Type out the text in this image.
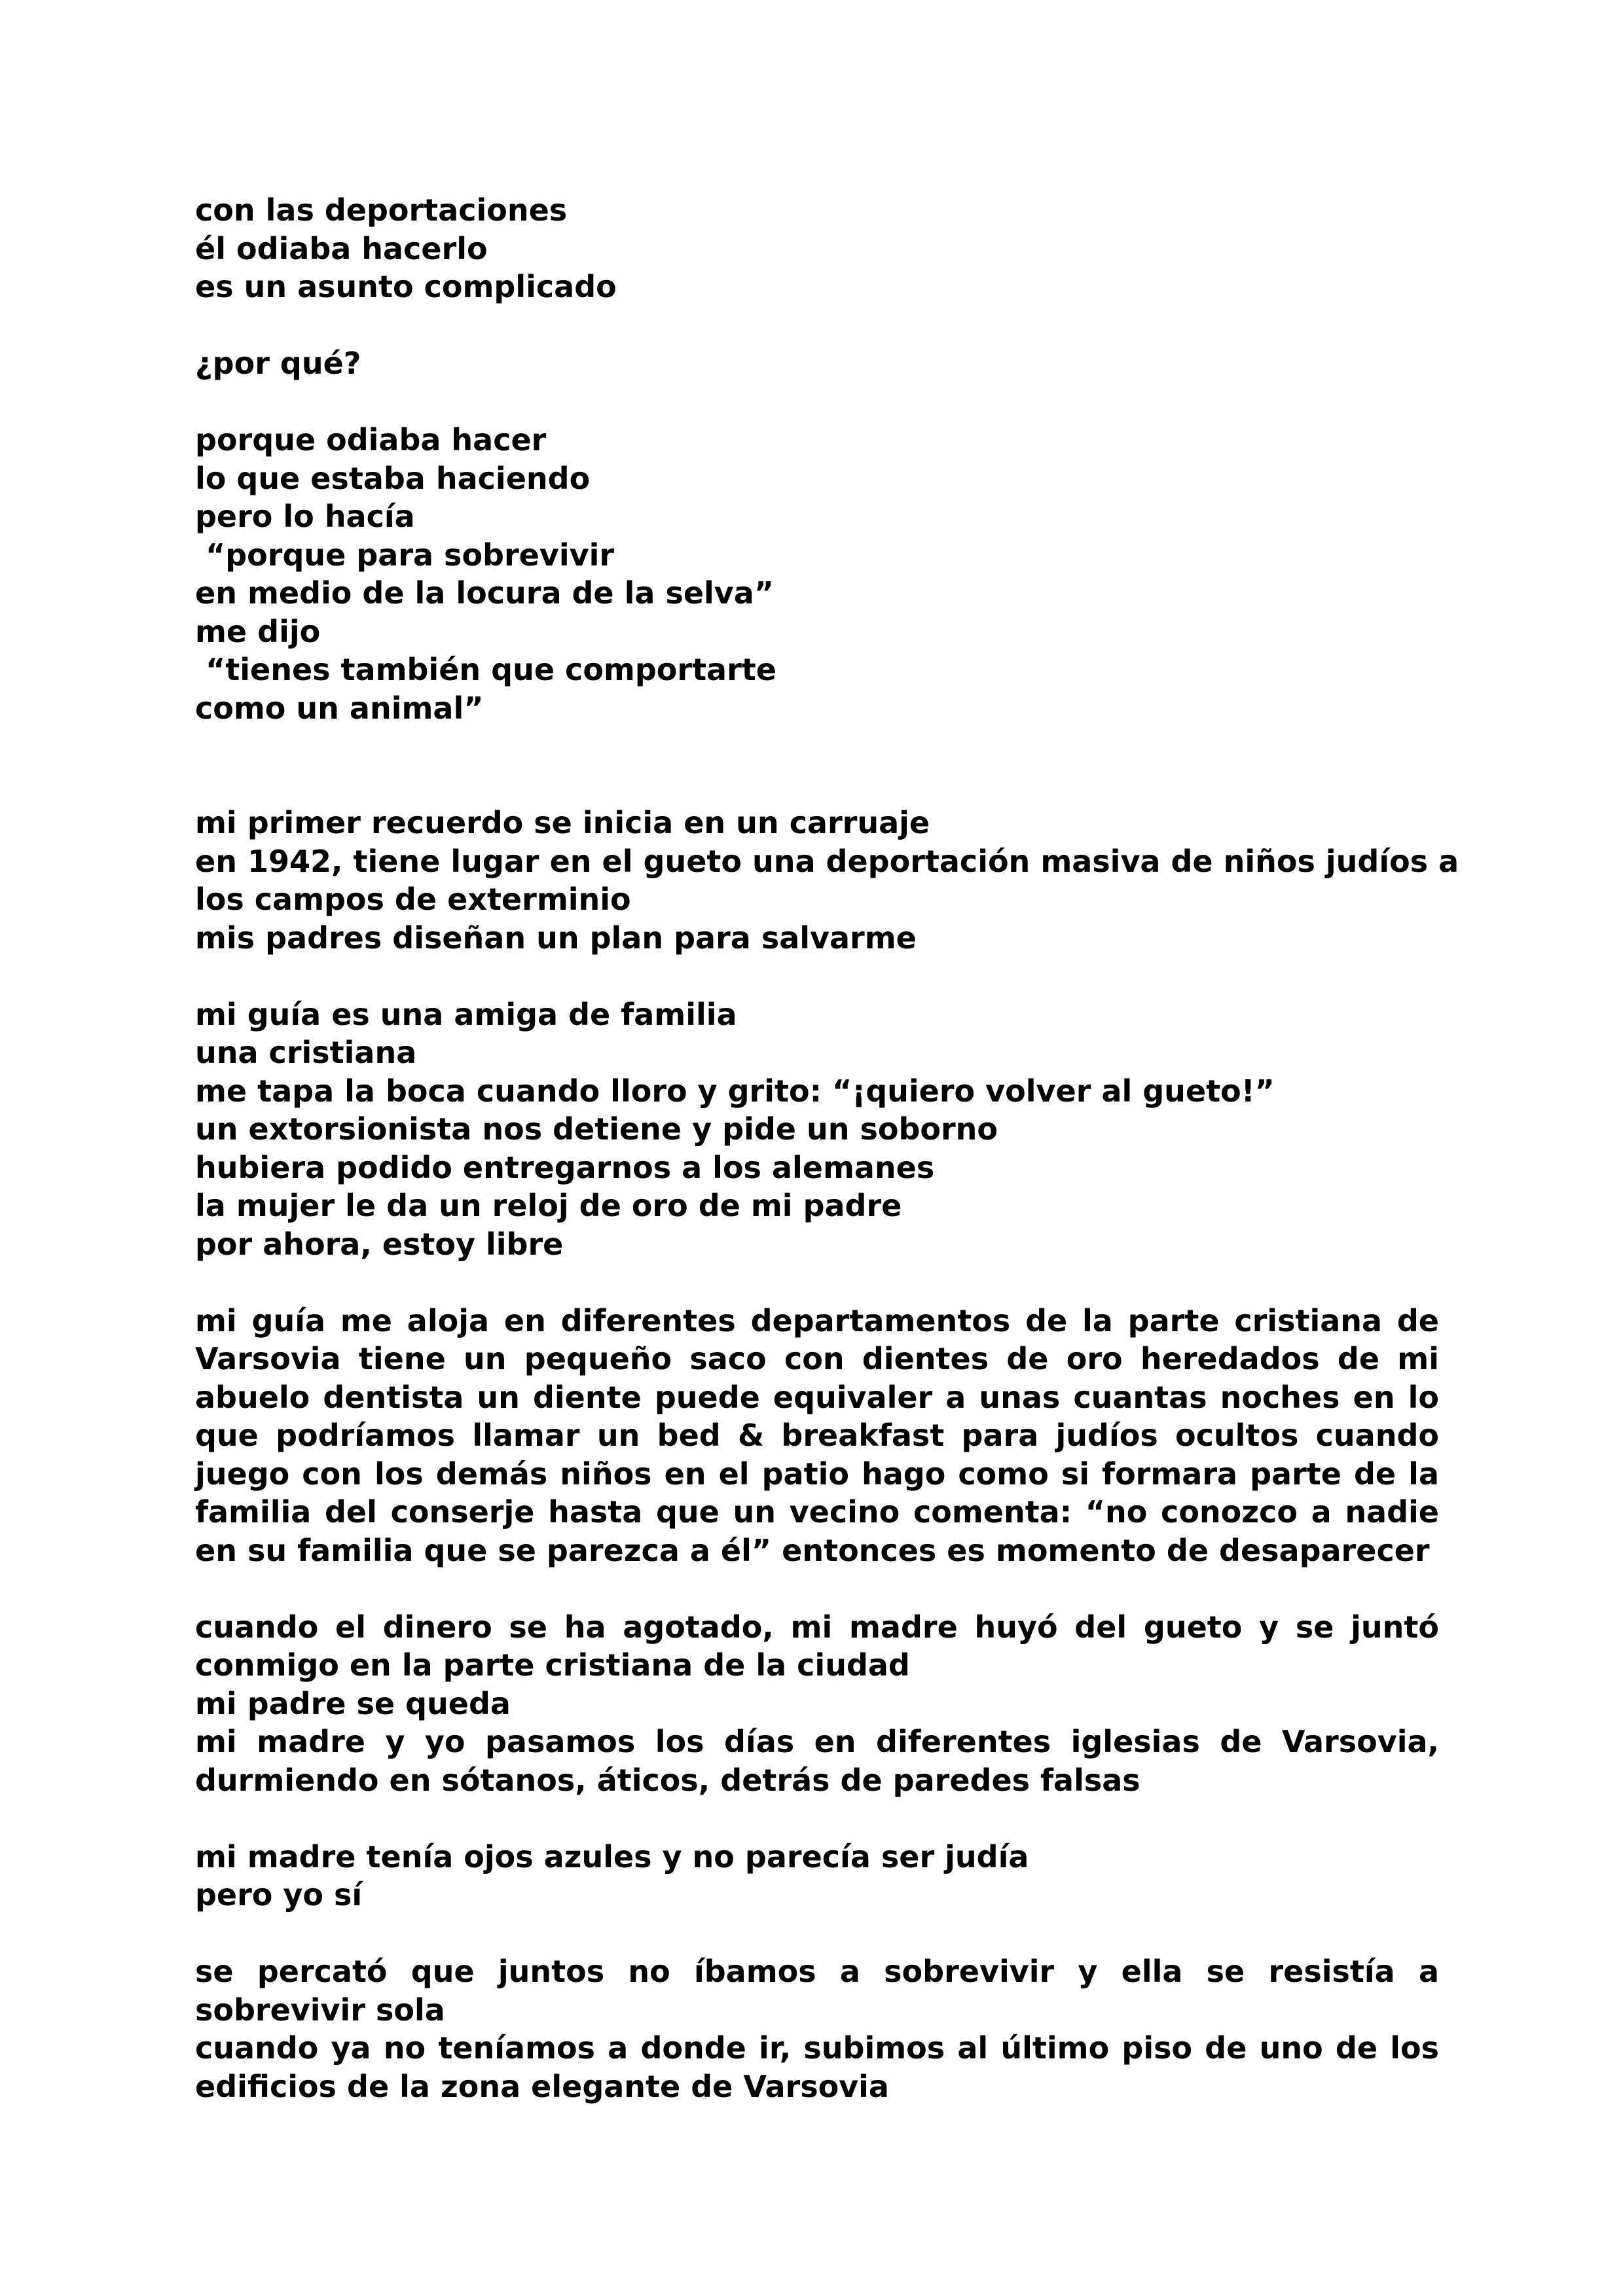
con las deportaciones
él odiaba hacerlo
es un asunto complicado
¿por qué?
porque odiaba hacer
lo que estaba haciendo
pero lo hacía
“porque para sobrevivir
en medio de la locura de la selva”
me dijo
“tienes también que comportarte
como un animal”
mi primer recuerdo se inicia en un carruaje
en 1942, tiene lugar en el gueto una deportación masiva de niños judíos a
los campos de exterminio
mis padres diseñan un plan para salvarme
mi guía es una amiga de familia
una cristiana
me tapa la boca cuando lloro y grito: “¡quiero volver al gueto!”
un extorsionista nos detiene y pide un soborno
hubiera podido entregarnos a los alemanes
la mujer le da un reloj de oro de mi padre
por ahora, estoy libre
mi guía me aloja en diferentes departamentos de la parte cristiana de Varsovia tiene un pequeño saco con dientes de oro heredados de mi abuelo dentista un diente puede equivaler a unas cuantas noches en lo que podríamos llamar un bed & breakfast para judíos ocultos cuando juego con los demás niños en el patio hago como si formara parte de la familia del conserje hasta que un vecino comenta: “no conozco a nadie en su familia que se parezca a él” entonces es momento de desaparecer
cuando el dinero se ha agotado, mi madre huyó del gueto y se juntó conmigo en la parte cristiana de la ciudad
mi padre se queda
mi madre y yo pasamos los días en diferentes iglesias de Varsovia, durmiendo en sótanos, áticos, detrás de paredes falsas
mi madre tenía ojos azules y no parecía ser judía
pero yo sí
se percató que juntos no íbamos a sobrevivir y ella se resistía a sobrevivir sola
cuando ya no teníamos a donde ir, subimos al último piso de uno de los edificios de la zona elegante de Varsovia
